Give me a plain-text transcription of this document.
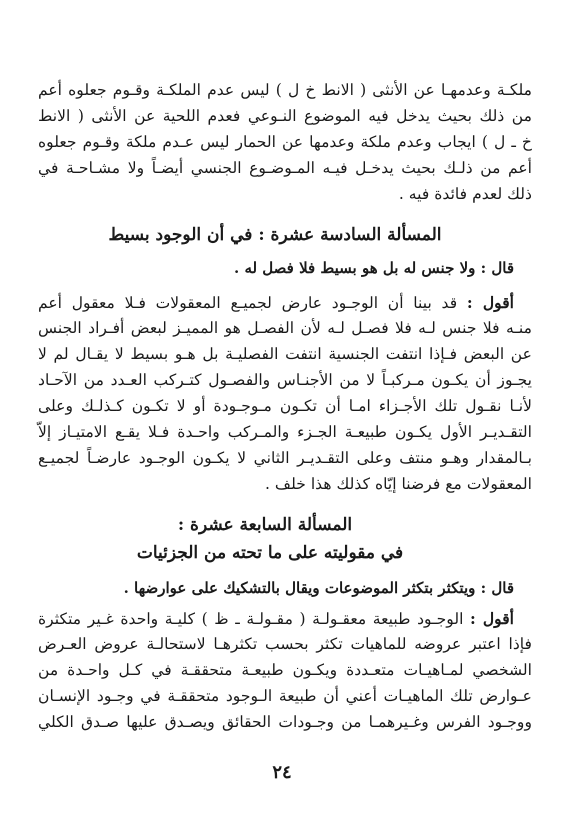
ملكـة وعدمهـا عن الأنثى ( الانط خ ل ) ليس عدم الملكـة وقـوم جعلوه أعم
من ذلك بحيث يدخل فيه الموضوع النـوعي فعدم اللحية عن الأنثى ( الانط
خ ـ ل ) ايجاب وعدم ملكة وعدمها عن الحمار ليس عـدم ملكة وقـوم جعلوه
أعم من ذلـك بحيث يدخـل فيـه المـوضـوع الجنسي أيضـاً ولا مشـاحـة في
ذلك لعدم فائدة فيه .
المسألة السادسة عشرة : في أن الوجود بسيط
قال : ولا جنس له بل هو بسيط فلا فصل له .
أقول : قد بينا أن الوجـود عارض لجميـع المعقولات فـلا معقول أعم
منـه فلا جنس لـه فلا فصـل لـه لأن الفصـل هو المميـز لبعض أفـراد الجنس
عن البعض فـإذا انتفت الجنسية انتفت الفصليـة بل هـو بسيط لا يقـال لم لا
يجـوز أن يكـون مـركبـاً لا من الأجنـاس والفصـول كتـركب العـدد من الآحـاد
لأنـا نقـول تلك الأجـزاء امـا أن تكـون مـوجـودة أو لا تكـون كـذلـك وعلى
التقـديـر الأول يكـون طبيعـة الجـزء والمـركب واحـدة فـلا يقـع الامتيـاز إلاّ
بـالمقدار وهـو منتف وعلى التقـديـر الثاني لا يكـون الوجـود عارضـاً لجميـع
المعقولات مع فرضنا إيّاه كذلك هذا خلف .
المسألة السابعة عشرة :
في مقوليته على ما تحته من الجزئيات
قال : ويتكثر بتكثر الموضوعات ويقال بالتشكيك على عوارضها .
أقول : الوجـود طبيعة معقـولـة ( مقـولـة ـ ظ ) كليـة واحدة غـير متكثرة
فإذا اعتبر عروضه للماهيات تكثر بحسب تكثرهـا لاستحالـة عروض العـرض
الشخصي لمـاهيـات متعـددة ويكـون طبيعـة متحققـة في كـل واحـدة من
عـوارض تلك الماهيـات أعني أن طبيعة الـوجود متحققـة في وجـود الإنسـان
ووجـود الفرس وغـيرهمـا من وجـودات الحقائق ويصـدق عليها صـدق الكلي
٢٤
